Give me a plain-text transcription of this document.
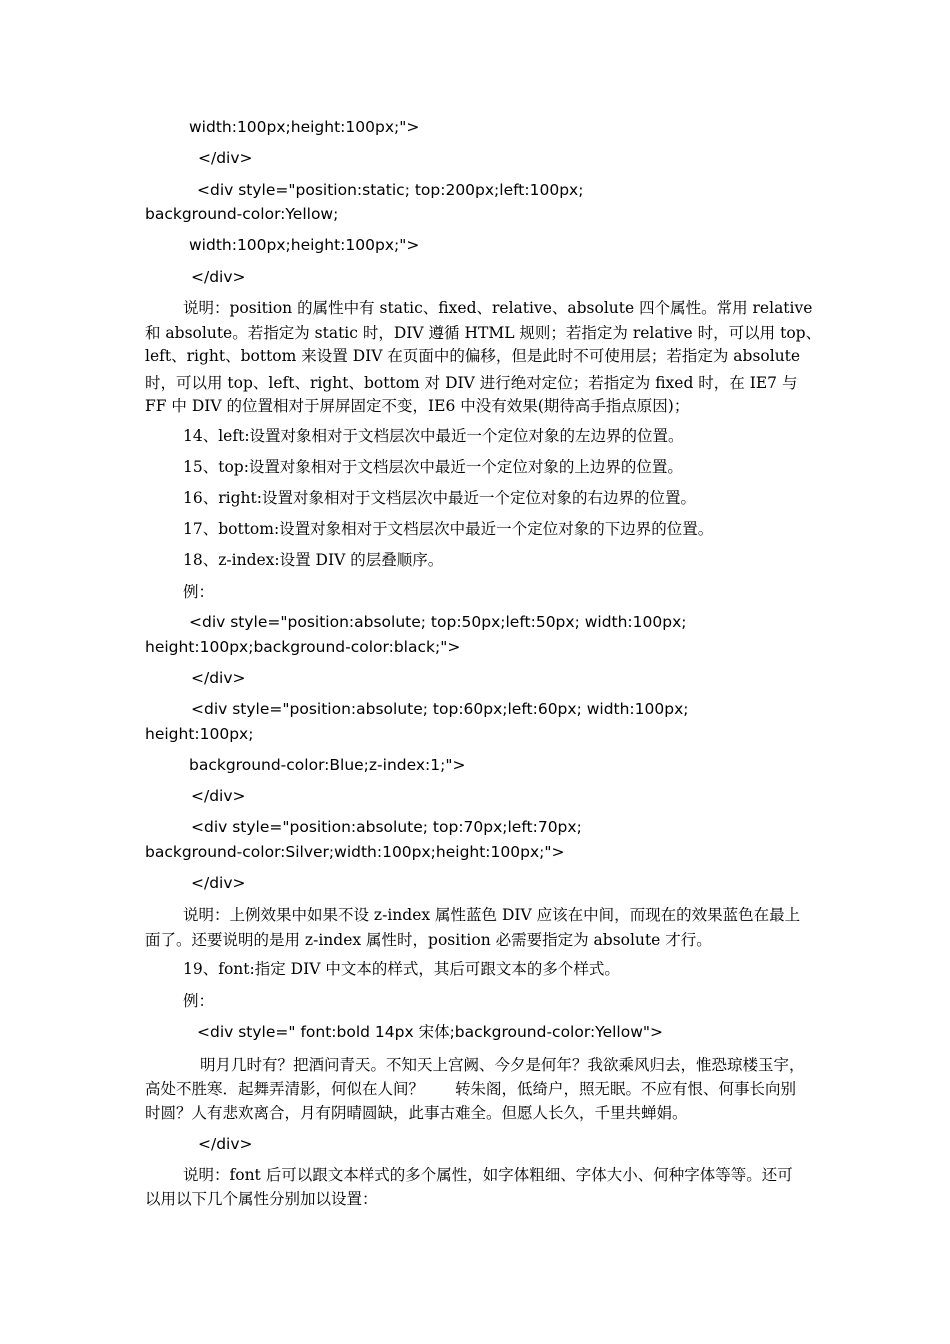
width:100px;height:100px;">
</div>
<div style="position:static; top:200px;left:100px;
background-color:Yellow;
width:100px;height:100px;">
</div>
说明：position 的属性中有 static、fixed、relative、absolute 四个属性。常用 relative
和 absolute。若指定为 static 时，DIV 遵循 HTML 规则；若指定为 relative 时，可以用 top、
left、right、bottom 来设置 DIV 在页面中的偏移，但是此时不可使用层；若指定为 absolute
时，可以用 top、left、right、bottom 对 DIV 进行绝对定位；若指定为 fixed 时，在 IE7 与
FF 中 DIV 的位置相对于屏屏固定不变，IE6 中没有效果(期待高手指点原因)；
14、left:设置对象相对于文档层次中最近一个定位对象的左边界的位置。
15、top:设置对象相对于文档层次中最近一个定位对象的上边界的位置。
16、right:设置对象相对于文档层次中最近一个定位对象的右边界的位置。
17、bottom:设置对象相对于文档层次中最近一个定位对象的下边界的位置。
18、z-index:设置 DIV 的层叠顺序。
例：
<div style="position:absolute; top:50px;left:50px; width:100px;
height:100px;background-color:black;">
</div>
<div style="position:absolute; top:60px;left:60px; width:100px;
height:100px;
background-color:Blue;z-index:1;">
</div>
<div style="position:absolute; top:70px;left:70px;
background-color:Silver;width:100px;height:100px;">
</div>
说明：上例效果中如果不设 z-index 属性蓝色 DIV 应该在中间，而现在的效果蓝色在最上
面了。还要说明的是用 z-index 属性时，position 必需要指定为 absolute 才行。
19、font:指定 DIV 中文本的样式，其后可跟文本的多个样式。
例：
<div style=" font:bold 14px 宋体;background-color:Yellow">
明月几时有？把酒问青天。不知天上宫阙、今夕是何年？我欲乘风归去，惟恐琼楼玉宇，
高处不胜寒．起舞弄清影，何似在人间？　　转朱阁，低绮户，照无眠。不应有恨、何事长向别
时圆？人有悲欢离合，月有阴晴圆缺，此事古难全。但愿人长久，千里共蝉娟。
</div>
说明：font 后可以跟文本样式的多个属性，如字体粗细、字体大小、何种字体等等。还可
以用以下几个属性分别加以设置：
